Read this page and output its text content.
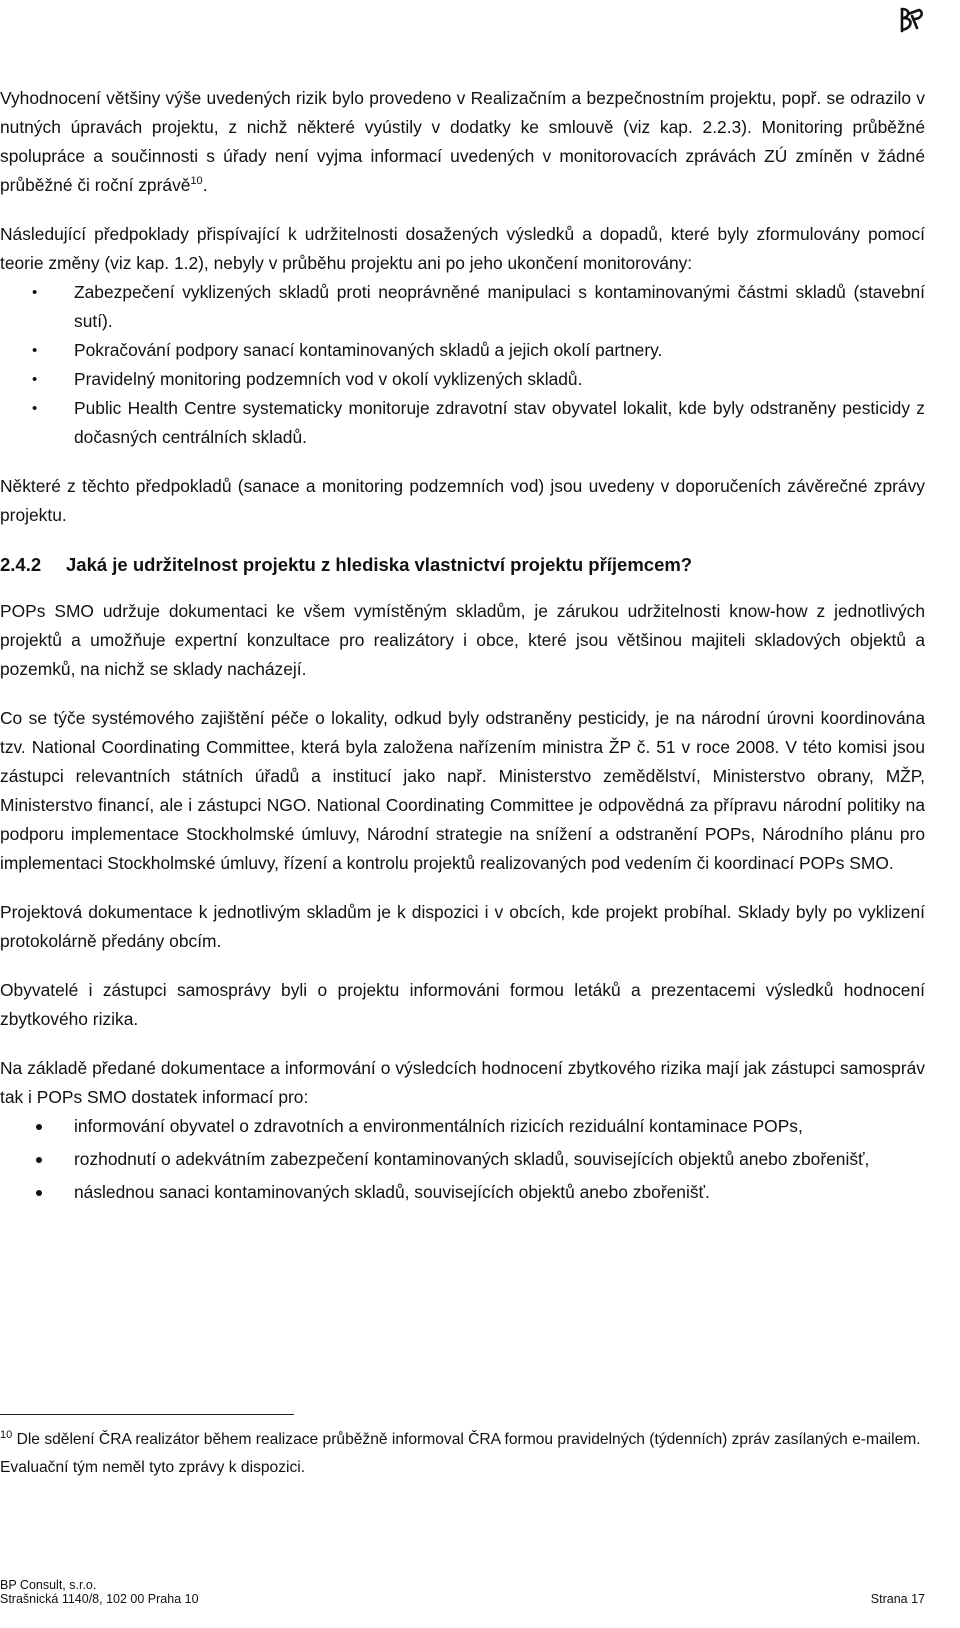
Vyhodnocení většiny výše uvedených rizik bylo provedeno v Realizačním a bezpečnostním projektu, popř. se odrazilo v nutných úpravách projektu, z nichž některé vyústily v dodatky ke smlouvě (viz kap. 2.2.3). Monitoring průběžné spolupráce a součinnosti s úřady není vyjma informací uvedených v monitorovacích zprávách ZÚ zmíněn v žádné průběžné či roční zprávě$^{10}$.

Následující předpoklady přispívající k udržitelnosti dosažených výsledků a dopadů, které byly zformulovány pomocí teorie změny (viz kap. 1.2), nebyly v průběhu projektu ani po jeho ukončení monitorovány:

• Zabezpečení vyklizených skladů proti neoprávněné manipulaci s kontaminovanými částmi skladů (stavební sutí).
• Pokračování podpory sanací kontaminovaných skladů a jejich okolí partnery.
• Pravidelný monitoring podzemních vod v okolí vyklizených skladů.
• Public Health Centre systematicky monitoruje zdravotní stav obyvatel lokalit, kde byly odstraněny pesticidy z dočasných centrálních skladů.

Některé z těchto předpokladů (sanace a monitoring podzemních vod) jsou uvedeny v doporučeních závěrečné zprávy projektu.

2.4.2	Jaká je udržitelnost projektu z hlediska vlastnictví projektu příjemcem?

POPs SMO udržuje dokumentaci ke všem vymístěným skladům, je zárukou udržitelnosti know-how z jednotlivých projektů a umožňuje expertní konzultace pro realizátory i obce, které jsou většinou majiteli skladových objektů a pozemků, na nichž se sklady nacházejí.

Co se týče systémového zajištění péče o lokality, odkud byly odstraněny pesticidy, je na národní úrovni koordinována tzv. National Coordinating Committee, která byla založena nařízením ministra ŽP č. 51 v roce 2008. V této komisi jsou zástupci relevantních státních úřadů a institucí jako např. Ministerstvo zemědělství, Ministerstvo obrany, MŽP, Ministerstvo financí, ale i zástupci NGO. National Coordinating Committee je odpovědná za přípravu národní politiky na podporu implementace Stockholmské úmluvy, Národní strategie na snížení a odstranění POPs, Národního plánu pro implementaci Stockholmské úmluvy, řízení a kontrolu projektů realizovaných pod vedením či koordinací POPs SMO.

Projektová dokumentace k jednotlivým skladům je k dispozici i v obcích, kde projekt probíhal. Sklady byly po vyklizení protokolárně předány obcím.

Obyvatelé i zástupci samosprávy byli o projektu informováni formou letáků a prezentacemi výsledků hodnocení zbytkového rizika.

Na základě předané dokumentace a informování o výsledcích hodnocení zbytkového rizika mají jak zástupci samospráv tak i POPs SMO dostatek informací pro:

informování obyvatel o zdravotních a environmentálních rizicích reziduální kontaminace POPs,
rozhodnutí o adekvátním zabezpečení kontaminovaných skladů, souvisejících objektů anebo zbořenišť,
následnou sanaci kontaminovaných skladů, souvisejících objektů anebo zbořenišť.
$^{10}$ Dle sdělení ČRA realizátor během realizace průběžně informoval ČRA formou pravidelných (týdenních) zpráv zasílaných e-mailem. Evaluační tým neměl tyto zprávy k dispozici.
BP Consult, s.r.o.
Strašnická 1140/8, 102 00 Praha 10	Strana 17
